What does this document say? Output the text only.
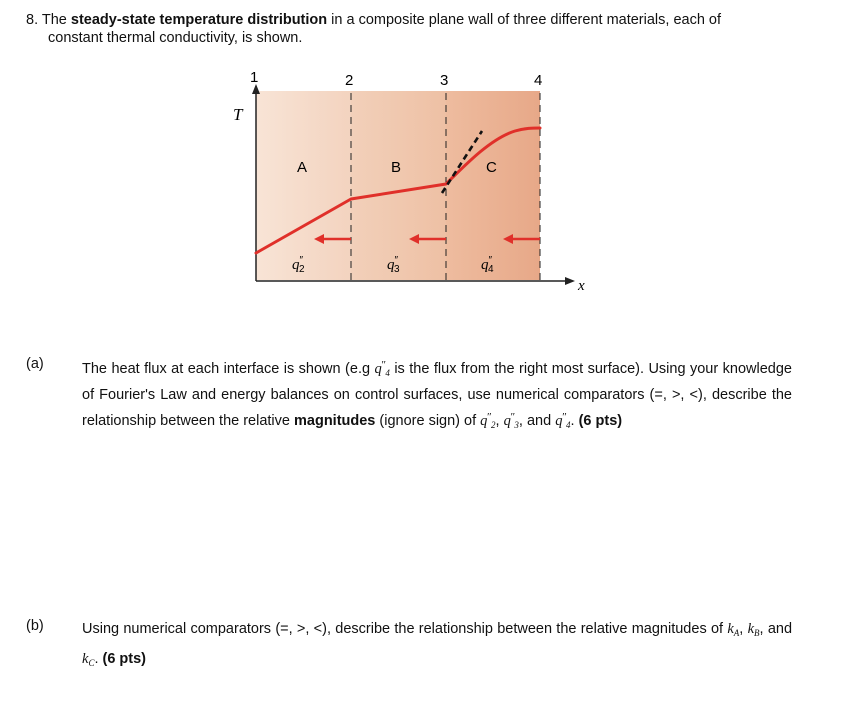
8. The steady-state temperature distribution in a composite plane wall of three different materials, each of
constant thermal conductivity, is shown.
T
x
1	2	3	4
A	B	C
q″ 2	q″ 3	q″ 4
(a)	The heat flux at each interface is shown (e.g $q''_4$ is the flux from the right most surface). Using your knowledge of Fourier's Law and energy balances on control surfaces, use numerical comparators (=, >, <), describe the relationship between the relative magnitudes (ignore sign) of $q''_2$, $q''_3$, and $q''_4$. (6 pts)
(b)	Using numerical comparators (=, >, <), describe the relationship between the relative magnitudes of $k_A$, $k_B$, and $k_C$. (6 pts)
